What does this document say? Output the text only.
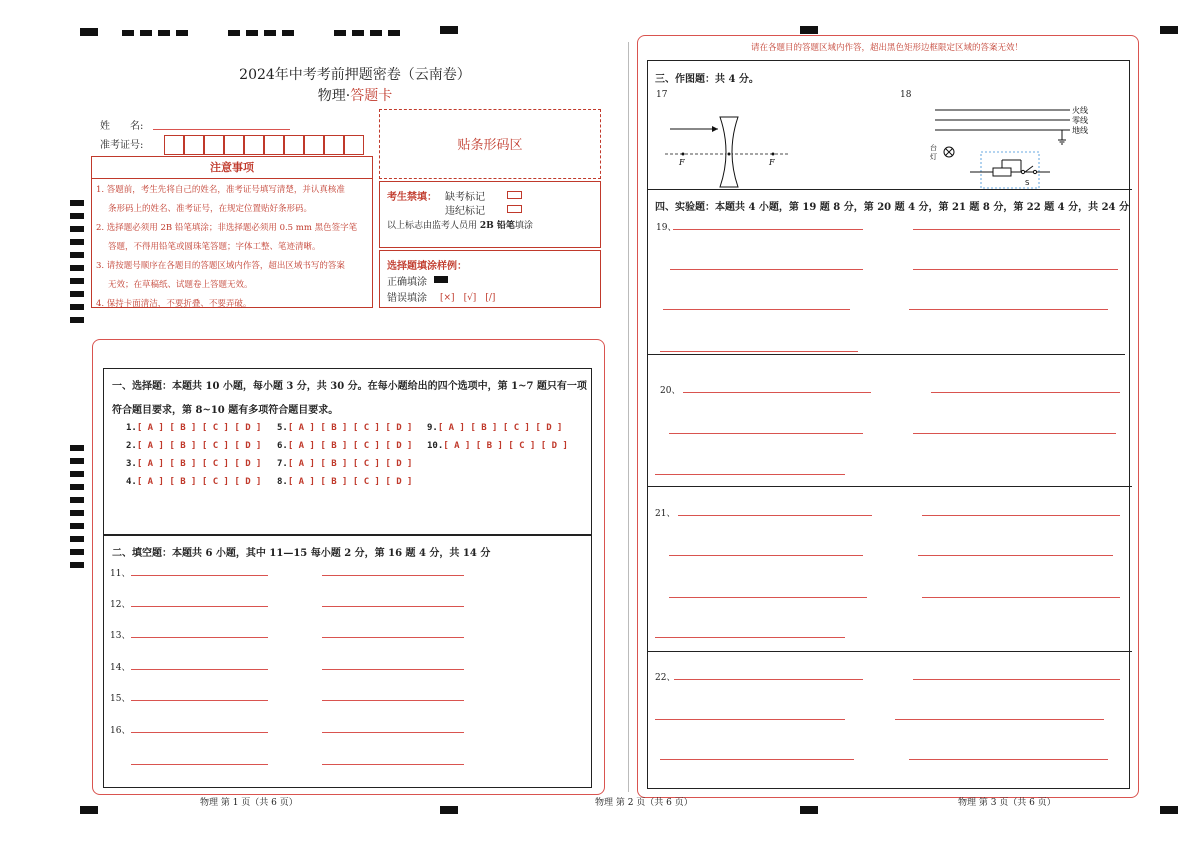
2024年中考考前押题密卷（云南卷）
物理·答题卡
姓　　名:
准考证号:	贴条形码区
注意事项
1. 答题前，考生先将自己的姓名，准考证号填写清楚，并认真核准
条形码上的姓名、准考证号，在规定位置贴好条形码。
2. 选择题必须用 2B 铅笔填涂；非选择题必须用 0.5 mm 黑色签字笔
答题，不得用铅笔或圆珠笔答题；字体工整、笔迹清晰。
3. 请按题号顺序在各题目的答题区域内作答，超出区域书写的答案
无效；在草稿纸、试题卷上答题无效。
4. 保持卡面清洁，不要折叠、不要弄破。
考生禁填： 缺考标记
违纪标记
以上标志由监考人员用 2B 铅笔填涂
选择题填涂样例：
正确填涂
错误填涂 [×]　[√]　[/]
一、选择题：本题共 10 小题，每小题 3 分，共 30 分。在每小题给出的四个选项中，第 1~7 题只有一项
符合题目要求，第 8~10 题有多项符合题目要求。
1.[ A ] [ B ] [ C ] [ D ]
2.[ A ] [ B ] [ C ] [ D ]
3.[ A ] [ B ] [ C ] [ D ]
4.[ A ] [ B ] [ C ] [ D ]
5.[ A ] [ B ] [ C ] [ D ]
6.[ A ] [ B ] [ C ] [ D ]
7.[ A ] [ B ] [ C ] [ D ]
8.[ A ] [ B ] [ C ] [ D ]
9.[ A ] [ B ] [ C ] [ D ]
10.[ A ] [ B ] [ C ] [ D ]
二、填空题：本题共 6 小题，其中 11—15 每小题 2 分，第 16 题 4 分，共 14 分
11、
12、
13、
14、
15、
16、
请在各题目的答题区域内作答，超出黑色矩形边框限定区域的答案无效！
三、作图题：共 4 分。
17	18
F	F
火线
零线
地线
台
灯
S
四、实验题：本题共 4 小题，第 19 题 8 分，第 20 题 4 分，第 21 题 8 分，第 22 题 4 分，共 24 分
19、
20、
21、
22、
物理 第 1 页（共 6 页）	物理 第 2 页（共 6 页）	物理 第 3 页（共 6 页）
